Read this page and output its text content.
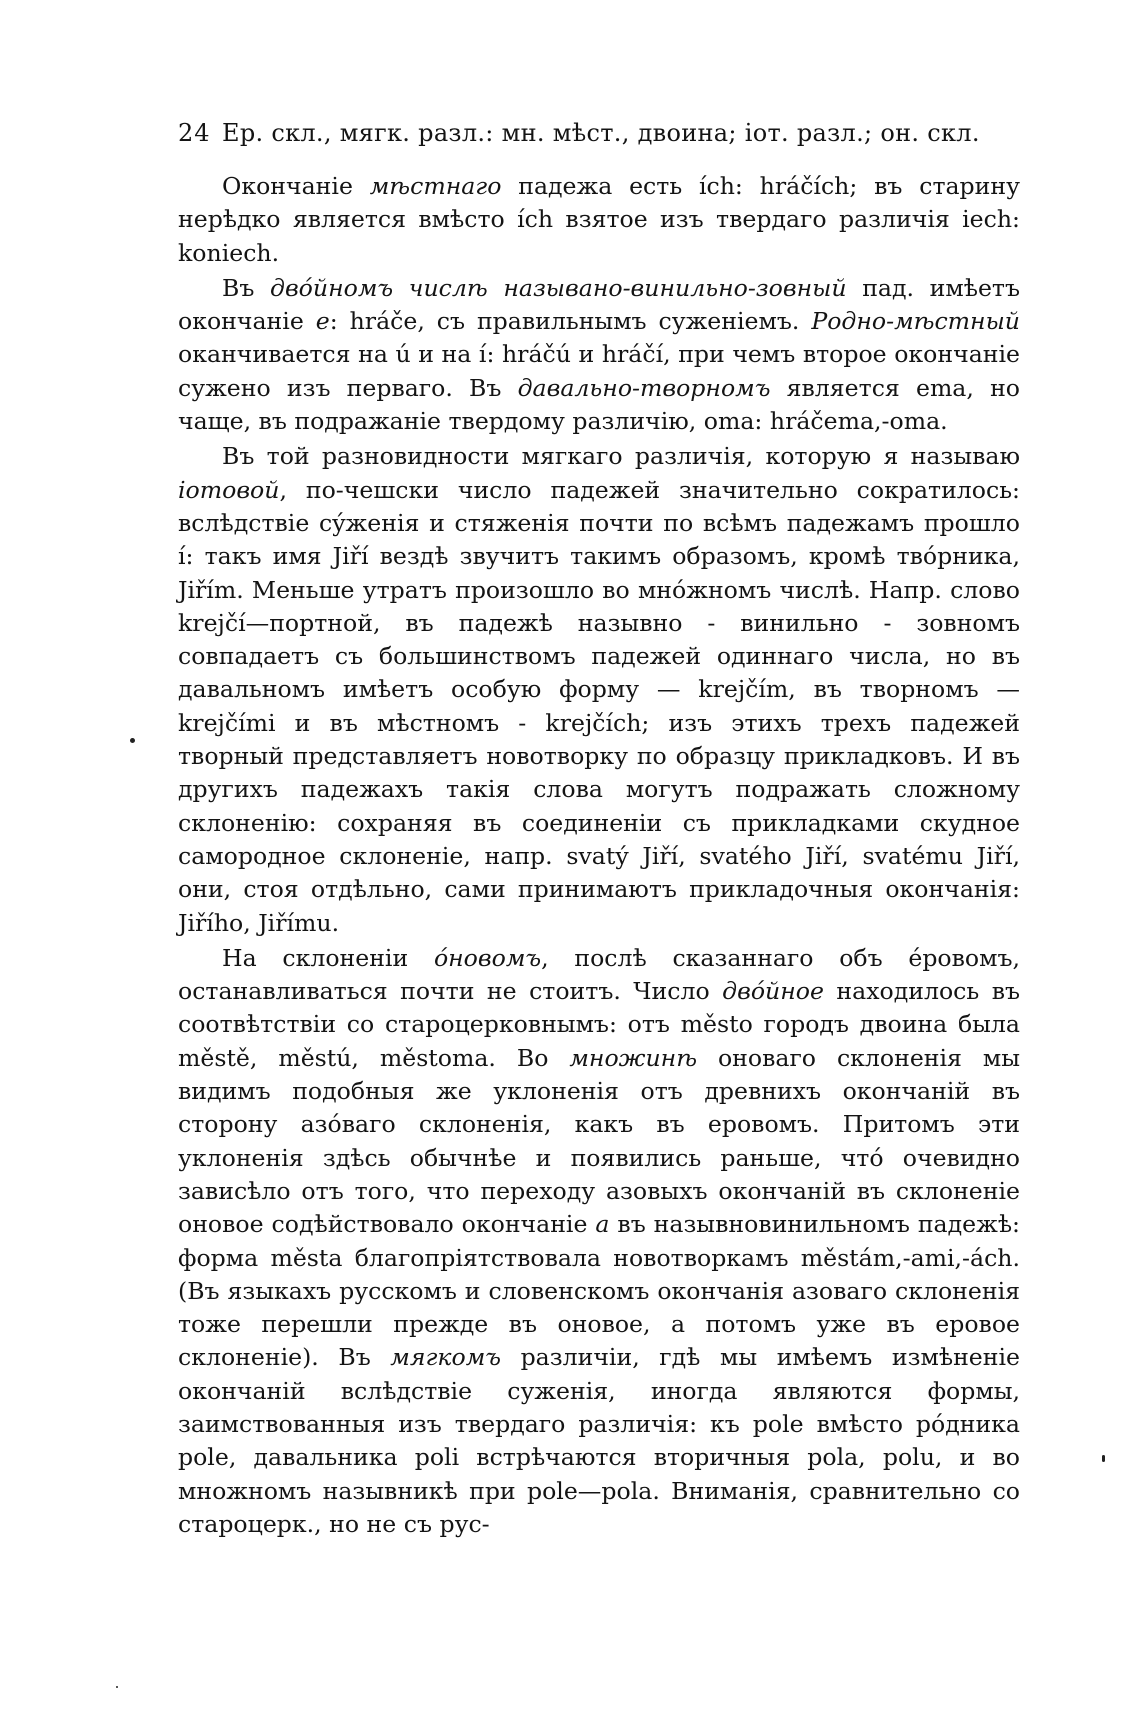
24 Ер. скл., мягк. разл.: мн. мѣст., двоина; iот. разл.; он. скл.

Окончанiе мѣстнаго падежа есть ích: hráčích; въ старину нерѣдко является вмѣсто ích взятое изъ твердаго различiя iech: koniech.

Въ двóйномъ числѣ называно-винильно-зовный пад. имѣетъ окончанiе e: hráče, съ правильнымъ суженiемъ. Родно-мѣстный оканчивается на ú и на í: hráčú и hráčí, при чемъ второе окончанiе сужено изъ перваго. Въ давально-творномъ является ema, но чаще, въ подражанiе твердому различiю, oma: hráčema,-oma.

Въ той разновидности мягкаго различiя, которую я называю iотовой, по-чешски число падежей значительно сократилось: вслѣдствiе сýженiя и стяженiя почти по всѣмъ падежамъ прошло í: такъ имя Jiří вездѣ звучитъ такимъ образомъ, кромѣ твóрника, Jiřím. Меньше утратъ произошло во мнóжномъ числѣ. Напр. слово krejčí—портной, въ падежѣ назывно - винильно - зовномъ совпадаетъ съ большинствомъ падежей одиннаго числа, но въ давальномъ имѣетъ особую форму — krejčím, въ творномъ — krejčími и въ мѣстномъ - krejčích; изъ этихъ трехъ падежей творный представляетъ новотворку по образцу прикладковъ. И въ другихъ падежахъ такiя слова могутъ подражать сложному склоненiю: сохраняя въ соединенiи съ прикладками скудное самородное склоненiе, напр. svatý Jiří, svatého Jiří, svatému Jiří, они, стоя отдѣльно, сами принимаютъ прикладочныя окончанiя: Jiřího, Jiřímu.

На склоненiи óновомъ, послѣ сказаннаго объ éровомъ, останавливаться почти не стоитъ. Число двóйное находилось въ соотвѣтствiи со староцерковнымъ: отъ město городъ двоина была městě, městú, městoma. Во множинѣ оноваго склоненiя мы видимъ подобныя же уклоненiя отъ древнихъ окончанiй въ сторону азóваго склоненiя, какъ въ еровомъ. Притомъ эти уклоненiя здѣсь обычнѣе и появились раньше, чтó очевидно зависѣло отъ того, что переходу азовыхъ окончанiй въ склоненiе оновое содѣйствовало окончанiе a въ назывновинильномъ падежѣ: форма města благопрiятствовала новотворкамъ městám,-ami,-ách. (Въ языкахъ русскомъ и словенскомъ окончанiя азоваго склоненiя тоже перешли прежде въ оновое, а потомъ уже въ еровое склоненiе). Въ мягкомъ различiи, гдѣ мы имѣемъ измѣненiе окончанiй вслѣдствiе суженiя, иногда являются формы, заимствованныя изъ твердаго различiя: къ pole вмѣсто рóдника pole, давальника poli встрѣчаются вторичныя pola, polu, и во множномъ назывникѣ при pole—pola. Вниманiя, сравнительно со староцерк., но не съ рус-
